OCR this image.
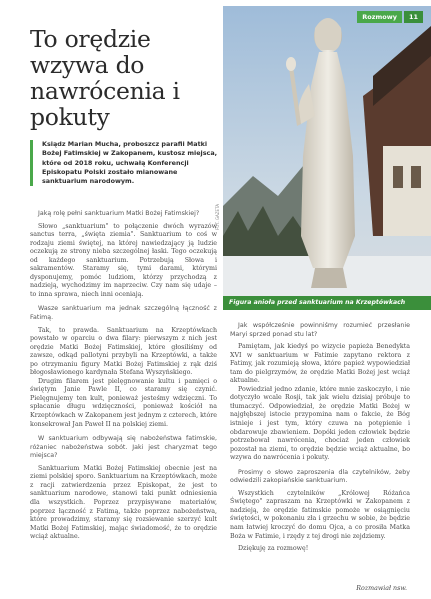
To orędzie wzywa do nawrócenia i pokuty
Ksiądz Marian Mucha, proboszcz parafii Matki Bożej Fatimskiej w Zakopanem, kustosz miejsca, które od 2018 roku, uchwałą Konferencji Episkopatu Polski zostało mianowane sanktuarium narodowym.
Rozmowy	11
Figura anioła przed sanktuarium na Krzeptówkach
FOT. GAZETA
Jaką rolę pełni sanktuarium Matki Bożej Fatimskiej?

Słowo „sanktuarium" to połączenie dwóch wyrazów sanctus terra, „święta ziemia". Sanktuarium to coś w rodzaju ziemi świętej, na której nawiedzający ją ludzie oczekują ze strony nieba szczególnej łaski. Tego oczekują od każdego sanktuarium. Potrzebują Słowa i sakramentów. Staramy się, tymi darami, którymi dysponujemy, pomóc ludziom, którzy przychodzą z nadzieją, wychodzimy im naprzeciw. Czy nam się udaje – to inna sprawa, niech inni oceniają.

Wasze sanktuarium ma jednak szczególną łączność z Fatimą.

Tak, to prawda. Sanktuarium na Krzeptówkach powstało w oparciu o dwa filary: pierwszym z nich jest orędzie Matki Bożej Fatimskiej, które głosiliśmy od zawsze, odkąd pallotyni przybyli na Krzeptówki, a także po otrzymaniu figury Matki Bożej Fatimskiej z rąk dziś błogosławionego kardynała Stefana Wyszyńskiego.

Drugim filarem jest pielęgnowanie kultu i pamięci o świętym Janie Pawle II, co staramy się czynić. Pielęgnujemy ten kult, ponieważ jesteśmy wdzięczni. To spłacanie długu wdzięczności, ponieważ kościół na Krzeptówkach w Zakopanem jest jednym z czterech, które konsekrował Jan Paweł II na polskiej ziemi.

W sanktuarium odbywają się nabożeństwa fatimskie, różaniec nabożeństwa sobót. Jaki jest charyzmat tego miejsca?

Sanktuarium Matki Bożej Fatimskiej obecnie jest na ziemi polskiej sporo. Sanktuarium na Krzeptówkach, może z racji zatwierdzenia przez Episkopat, że jest to sanktuarium narodowe, stanowi taki punkt odniesienia dla wszystkich. Poprzez przypisywane materiałów, poprzez łączność z Fatimą, także poprzez nabożeństwa, które prowadzimy, staramy się rozsiewanie szerzyć kult Matki Bożej Fatimskiej, mając świadomość, że to orędzie wciąż aktualne.

Jak współcześnie powinniśmy rozumieć przesłanie Maryi sprzed ponad stu lat?

Pamiętam, jak kiedyś po wizycie papieża Benedykta XVI w sanktuarium w Fatimie zapytano rektora z Fatimy, jak rozumieją słowa, które papież wypowiedział tam do pielgrzymów, że orędzie Matki Bożej jest wciąż aktualne.

Powiedział jedno zdanie, które mnie zaskoczyło, i nie dotyczyło wcale Rosji, tak jak wielu dzisiaj próbuje to tłumaczyć. Odpowiedział, że orędzie Matki Bożej w najgłębszej istocie przypomina nam o fakcie, że Bóg istnieje i jest tym, który czuwa na potępienie i obdarowuje zbawieniem. Dopóki jeden człowiek będzie potrzebował nawrócenia, chociaż jeden człowiek pozostał na ziemi, to orędzie będzie wciąż aktualne, bo wzywa do nawrócenia i pokuty.

Prosimy o słowo zaproszenia dla czytelników, żeby odwiedzili zakopiańskie sanktuarium.

Wszystkich czytelników „Królowej Różańca Świętego" zapraszam na Krzeptówki w Zakopanem z nadzieją, że orędzie fatimskie pomoże w osiągnięciu świętości, w pokonaniu zła i grzechu w sobie, że będzie nam łatwiej kroczyć do domu Ojca, a co prosiła Matka Boża w Fatimie, i rzędy z tej drogi nie zejdziemy.

Dziękuję za rozmowę!

Rozmawiał nsw.
